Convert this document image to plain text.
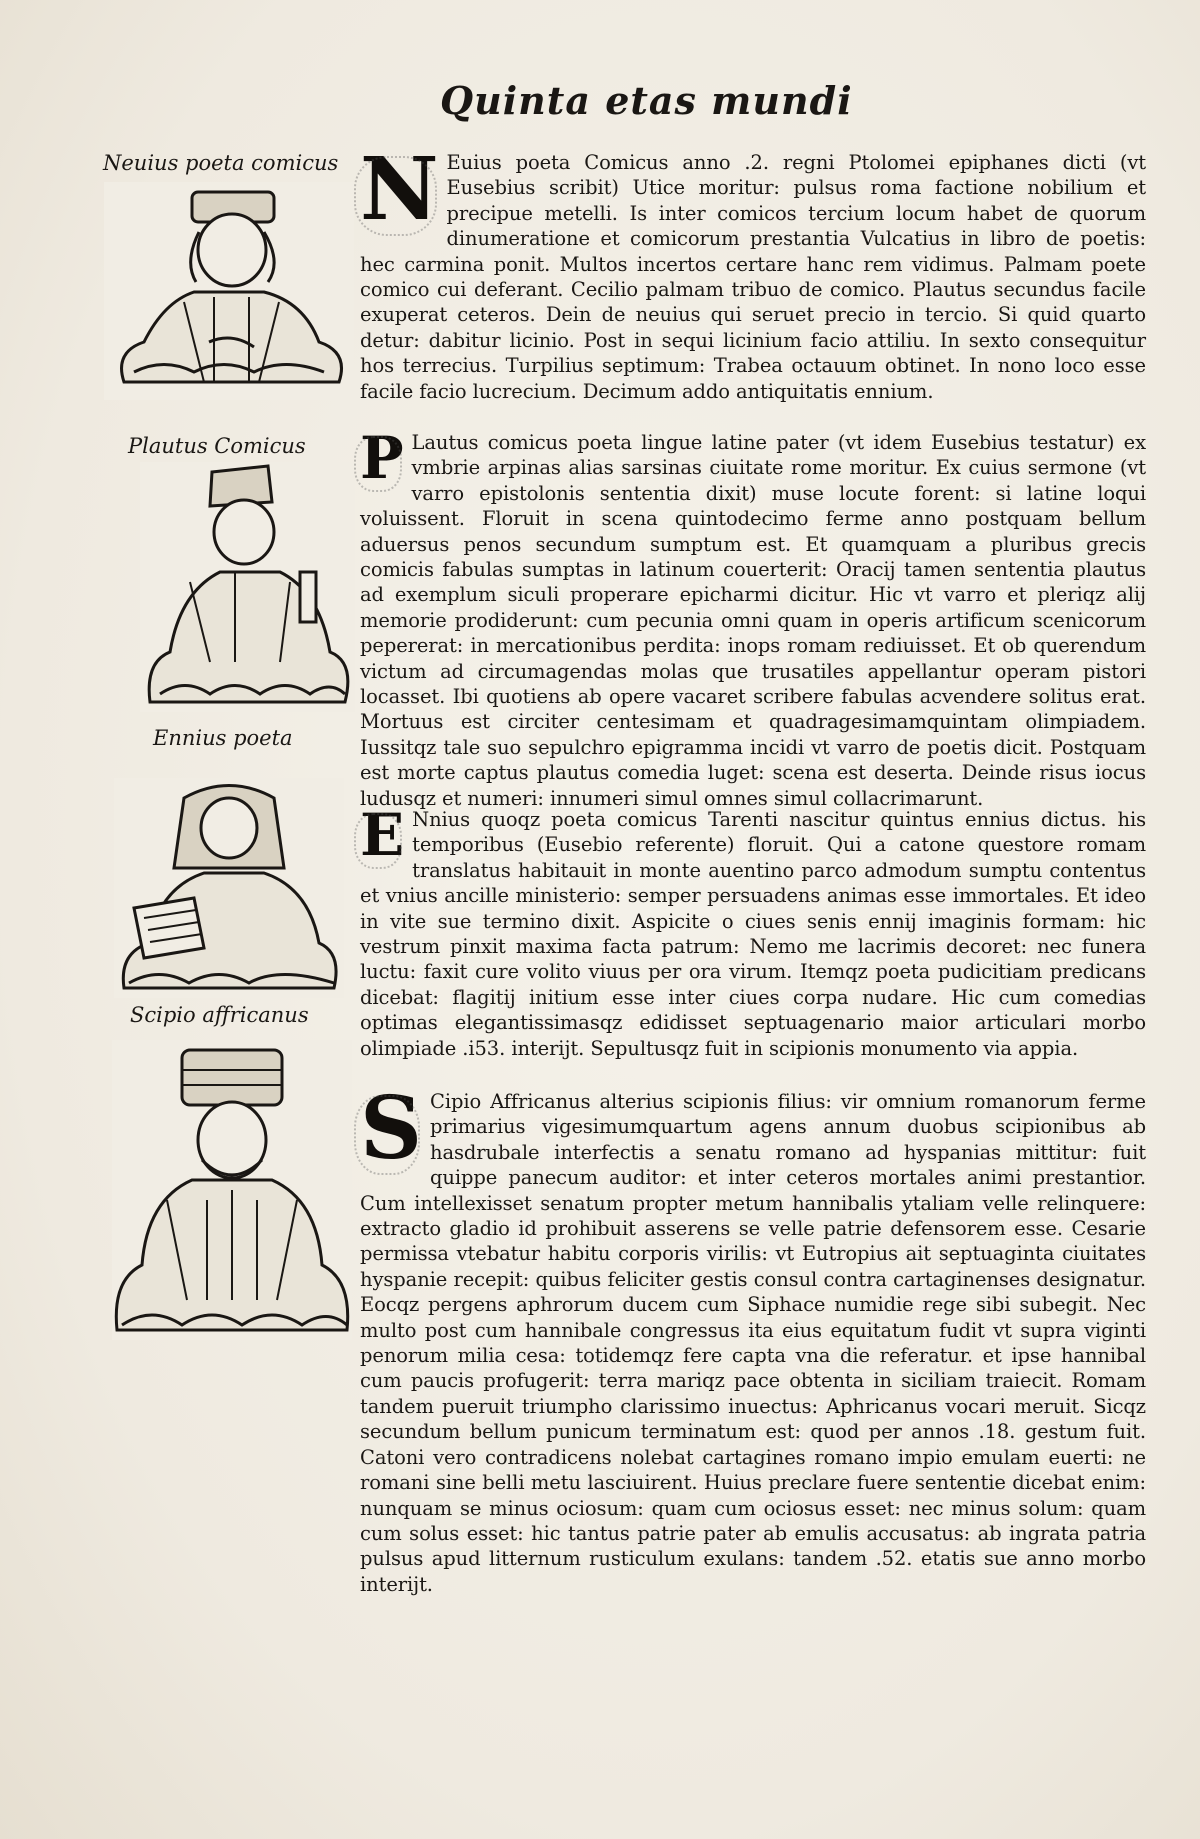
Quinta etas mundi
Neuius poeta comicus N Euius poeta Comicus anno .2. regni Ptolomei epiphanes dicti (vt Eusebius scribit) Utice moritur: pulsus roma factione nobilium et precipue metelli. Is inter comicos tercium locum habet de quorum dinumeratione et comicorum prestantia Vulcatius in libro de poetis: hec carmina ponit. Multos incertos certare hanc rem vidimus. Palmam poete comico cui deferant. Cecilio palmam tribuo de comico. Plautus secundus facile exuperat ceteros. Dein de neuius qui seruet precio in tercio. Si quid quarto detur: dabitur licinio. Post in sequi licinium facio attiliu. In sexto consequitur hos terrecius. Turpilius septimum: Trabea octauum obtinet. In nono loco esse facile facio lucrecium. Decimum addo antiquitatis ennium.
Plautus Comicus P Lautus comicus poeta lingue latine pater (vt idem Eusebius testatur) ex vmbrie arpinas alias sarsinas ciuitate rome moritur. Ex cuius sermone (vt varro epistolonis sententia dixit) muse locute forent: si latine loqui voluissent. Floruit in scena quintodecimo ferme anno postquam bellum aduersus penos secundum sumptum est. Et quamquam a pluribus grecis comicis fabulas sumptas in latinum couerterit: Oracij tamen sententia plautus ad exemplum siculi properare epicharmi dicitur. Hic vt varro et pleriqz alij memorie prodiderunt: cum pecunia omni quam in operis artificum scenicorum pepererat: in mercationibus perdita: inops romam rediuisset. Et ob querendum victum ad circumagendas molas que trusatiles appellantur operam pistori locasset. Ibi quotiens ab opere vacaret scribere fabulas acvendere solitus erat. Mortuus est circiter centesimam et quadragesimamquintam olimpiadem. Iussitqz tale suo sepulchro epigramma incidi vt varro de poetis dicit. Postquam est morte captus plautus comedia luget: scena est deserta. Deinde risus iocus ludusqz et numeri: innumeri simul omnes simul collacrimarunt.
Ennius poeta
E Nnius quoqz poeta comicus Tarenti nascitur quintus ennius dictus. his temporibus (Eusebio referente) floruit. Qui a catone questore romam translatus habitauit in monte auentino parco admodum sumptu contentus et vnius ancille ministerio: semper persuadens animas esse immortales. Et ideo in vite sue termino dixit. Aspicite o ciues senis ennij imaginis formam: hic vestrum pinxit maxima facta patrum: Nemo me lacrimis decoret: nec funera luctu: faxit cure volito viuus per ora virum. Itemqz poeta pudicitiam predicans dicebat: flagitij initium esse inter ciues corpa nudare. Hic cum comedias optimas elegantissimasqz edidisset septuagenario maior articulari morbo olimpiade .i53. interijt. Sepultusqz fuit in scipionis monumento via appia.
Scipio affricanus
S Cipio Affricanus alterius scipionis filius: vir omnium romanorum ferme primarius vigesimumquartum agens annum duobus scipionibus ab hasdrubale interfectis a senatu romano ad hyspanias mittitur: fuit quippe panecum auditor: et inter ceteros mortales animi prestantior. Cum intellexisset senatum propter metum hannibalis ytaliam velle relinquere: extracto gladio id prohibuit asserens se velle patrie defensorem esse. Cesarie permissa vtebatur habitu corporis virilis: vt Eutropius ait septuaginta ciuitates hyspanie recepit: quibus feliciter gestis consul contra cartaginenses designatur. Eocqz pergens aphrorum ducem cum Siphace numidie rege sibi subegit. Nec multo post cum hannibale congressus ita eius equitatum fudit vt supra viginti penorum milia cesa: totidemqz fere capta vna die referatur. et ipse hannibal cum paucis profugerit: terra mariqz pace obtenta in siciliam traiecit. Romam tandem pueruit triumpho clarissimo inuectus: Aphricanus vocari meruit. Sicqz secundum bellum punicum terminatum est: quod per annos .18. gestum fuit. Catoni vero contradicens nolebat cartagines romano impio emulam euerti: ne romani sine belli metu lasciuirent. Huius preclare fuere sententie dicebat enim: nunquam se minus ociosum: quam cum ociosus esset: nec minus solum: quam cum solus esset: hic tantus patrie pater ab emulis accusatus: ab ingrata patria pulsus apud litternum rusticulum exulans: tandem .52. etatis sue anno morbo interijt.
